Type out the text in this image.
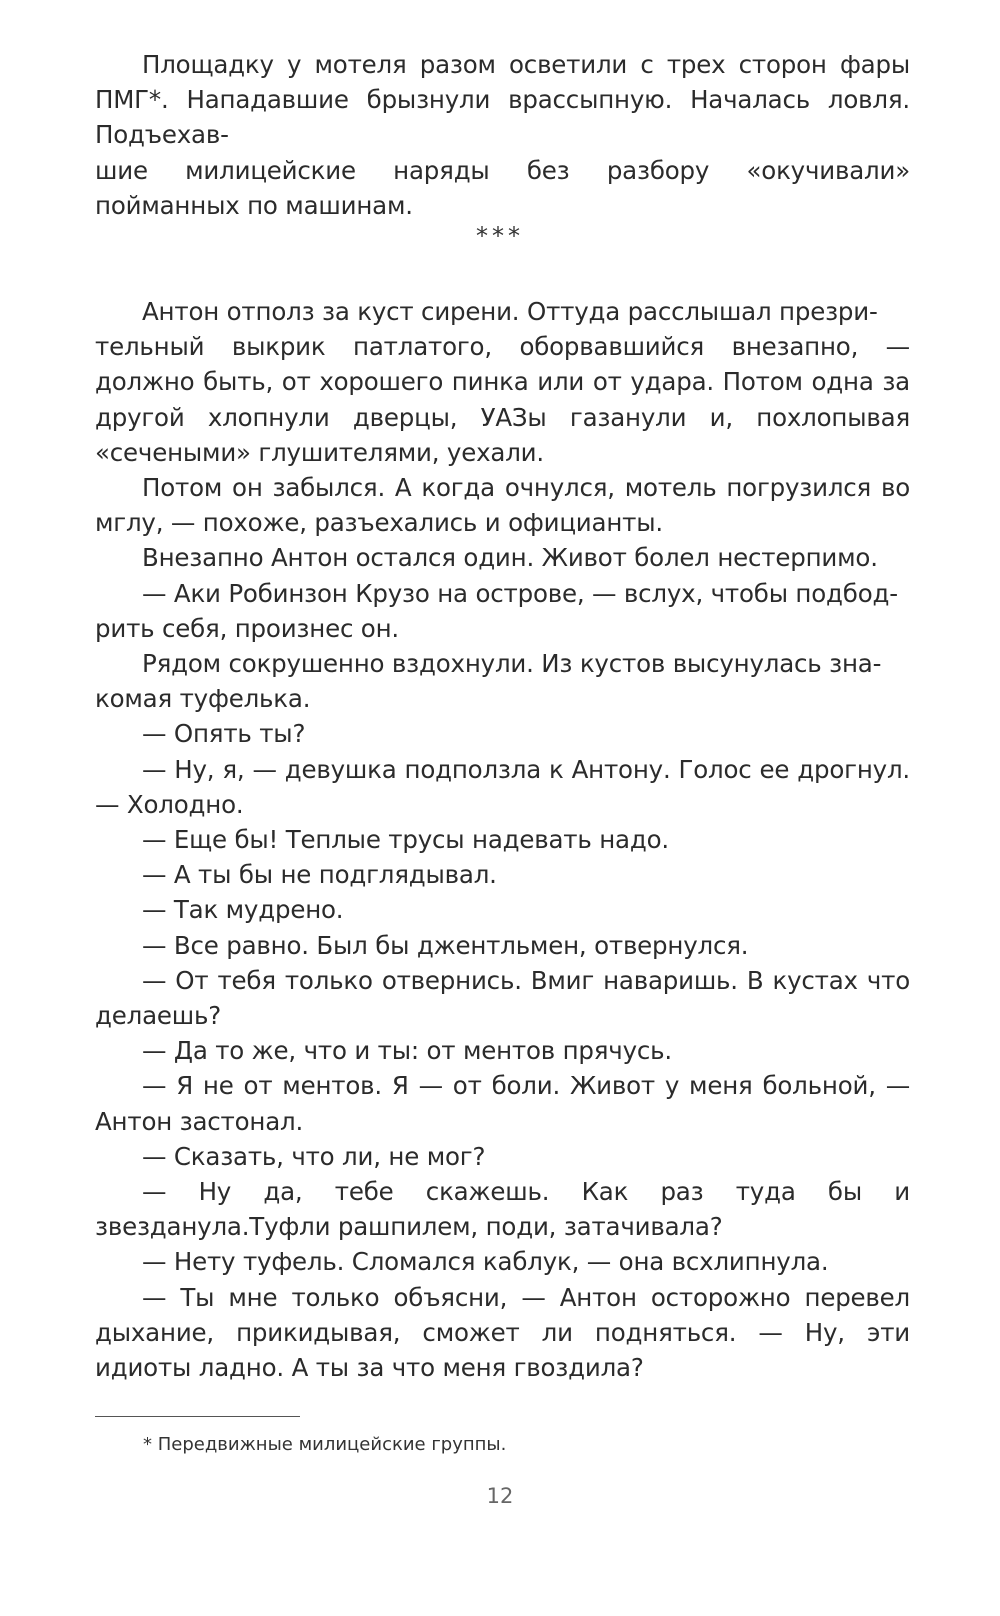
Площадку у мотеля разом осветили с трех сторон фары ПМГ*. Нападавшие брызнули врассыпную. Началась ловля. Подъехав-
шие милицейские наряды без разбору «окучивали» пойманных по машинам.

***

Антон отполз за куст сирени. Оттуда расслышал презри-
тельный выкрик патлатого, оборвавшийся внезапно, — должно быть, от хорошего пинка или от удара. Потом одна за другой хлопнули дверцы, УАЗы газанули и, похлопывая «сечеными» глушителями, уехали.

Потом он забылся. А когда очнулся, мотель погрузился во мглу, — похоже, разъехались и официанты.

Внезапно Антон остался один. Живот болел нестерпимо.

— Аки Робинзон Крузо на острове, — вслух, чтобы подбод-
рить себя, произнес он.

Рядом сокрушенно вздохнули. Из кустов высунулась зна-
комая туфелька.

— Опять ты?

— Ну, я, — девушка подползла к Антону. Голос ее дрогнул. — Холодно.

— Еще бы! Теплые трусы надевать надо.

— А ты бы не подглядывал.

— Так мудрено.

— Все равно. Был бы джентльмен, отвернулся.

— От тебя только отвернись. Вмиг наваришь. В кустах что делаешь?

— Да то же, что и ты: от ментов прячусь.

— Я не от ментов. Я — от боли. Живот у меня больной, — Антон застонал.

— Сказать, что ли, не мог?

— Ну да, тебе скажешь. Как раз туда бы и звезданула.Туфли рашпилем, поди, затачивала?

— Нету туфель. Сломался каблук, — она всхлипнула.

— Ты мне только объясни, — Антон осторожно перевел дыхание, прикидывая, сможет ли подняться. — Ну, эти идиоты ладно. А ты за что меня гвоздила?

* Передвижные милицейские группы.
12
